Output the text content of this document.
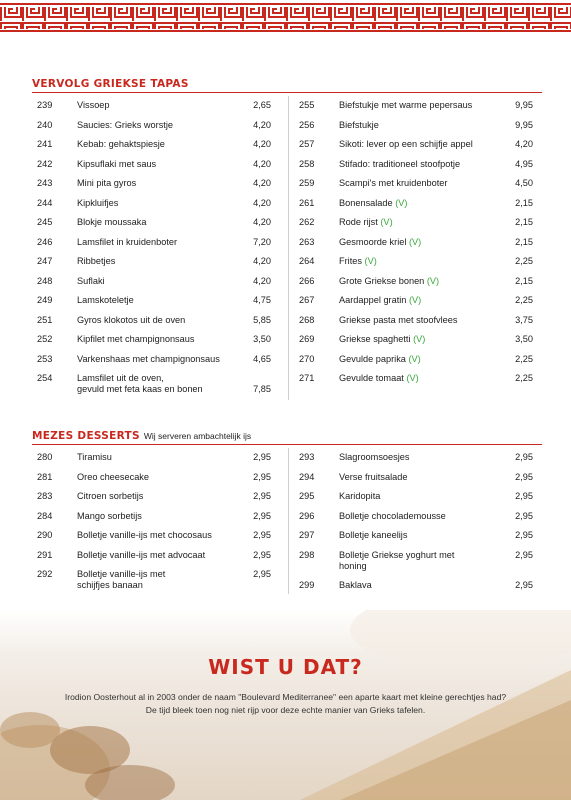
VERVOLG GRIEKSE TAPAS
239	Vissoep	2,65
240	Saucies: Grieks worstje	4,20
241	Kebab: gehaktspiesje	4,20
242	Kipsuflaki met saus	4,20
243	Mini pita gyros	4,20
244	Kipkluifjes	4,20
245	Blokje moussaka	4,20
246	Lamsfilet in kruidenboter	7,20
247	Ribbetjes	4,20
248	Suflaki	4,20
249	Lamskoteletje	4,75
251	Gyros klokotos uit de oven	5,85
252	Kipfilet met champignonsaus	3,50
253	Varkenshaas met champignonsaus	4,65
254	Lamsfilet uit de oven,
gevuld met feta kaas en bonen	7,85
255	Biefstukje met warme pepersaus	9,95
256	Biefstukje	9,95
257	Sikoti: lever op een schijfje appel	4,20
258	Stifado: traditioneel stoofpotje	4,95
259	Scampi's met kruidenboter	4,50
261	Bonensalade (V)	2,15
262	Rode rijst (V)	2,15
263	Gesmoorde kriel (V)	2,15
264	Frites (V)	2,25
266	Grote Griekse bonen (V)	2,15
267	Aardappel gratin (V)	2,25
268	Griekse pasta met stoofvlees	3,75
269	Griekse spaghetti (V)	3,50
270	Gevulde paprika (V)	2,25
271	Gevulde tomaat (V)	2,25
MEZES DESSERTS Wij serveren ambachtelijk ijs
280	Tiramisu	2,95
281	Oreo cheesecake	2,95
283	Citroen sorbetijs	2,95
284	Mango sorbetijs	2,95
290	Bolletje vanille-ijs met chocosaus	2,95
291	Bolletje vanille-ijs met advocaat	2,95
292	Bolletje vanille-ijs met
schijfjes banaan
2,95
293	Slagroomsoesjes	2,95
294	Verse fruitsalade	2,95
295	Karidopita	2,95
296	Bolletje chocolademousse	2,95
297	Bolletje kaneelijs	2,95
298	Bolletje Griekse yoghurt met
honing
2,95
299	Baklava	2,95
WIST U DAT?
Irodion Oosterhout al in 2003 onder de naam "Boulevard Mediterranee" een aparte kaart met kleine gerechtjes had?
De tijd bleek toen nog niet rijp voor deze echte manier van Grieks tafelen.
